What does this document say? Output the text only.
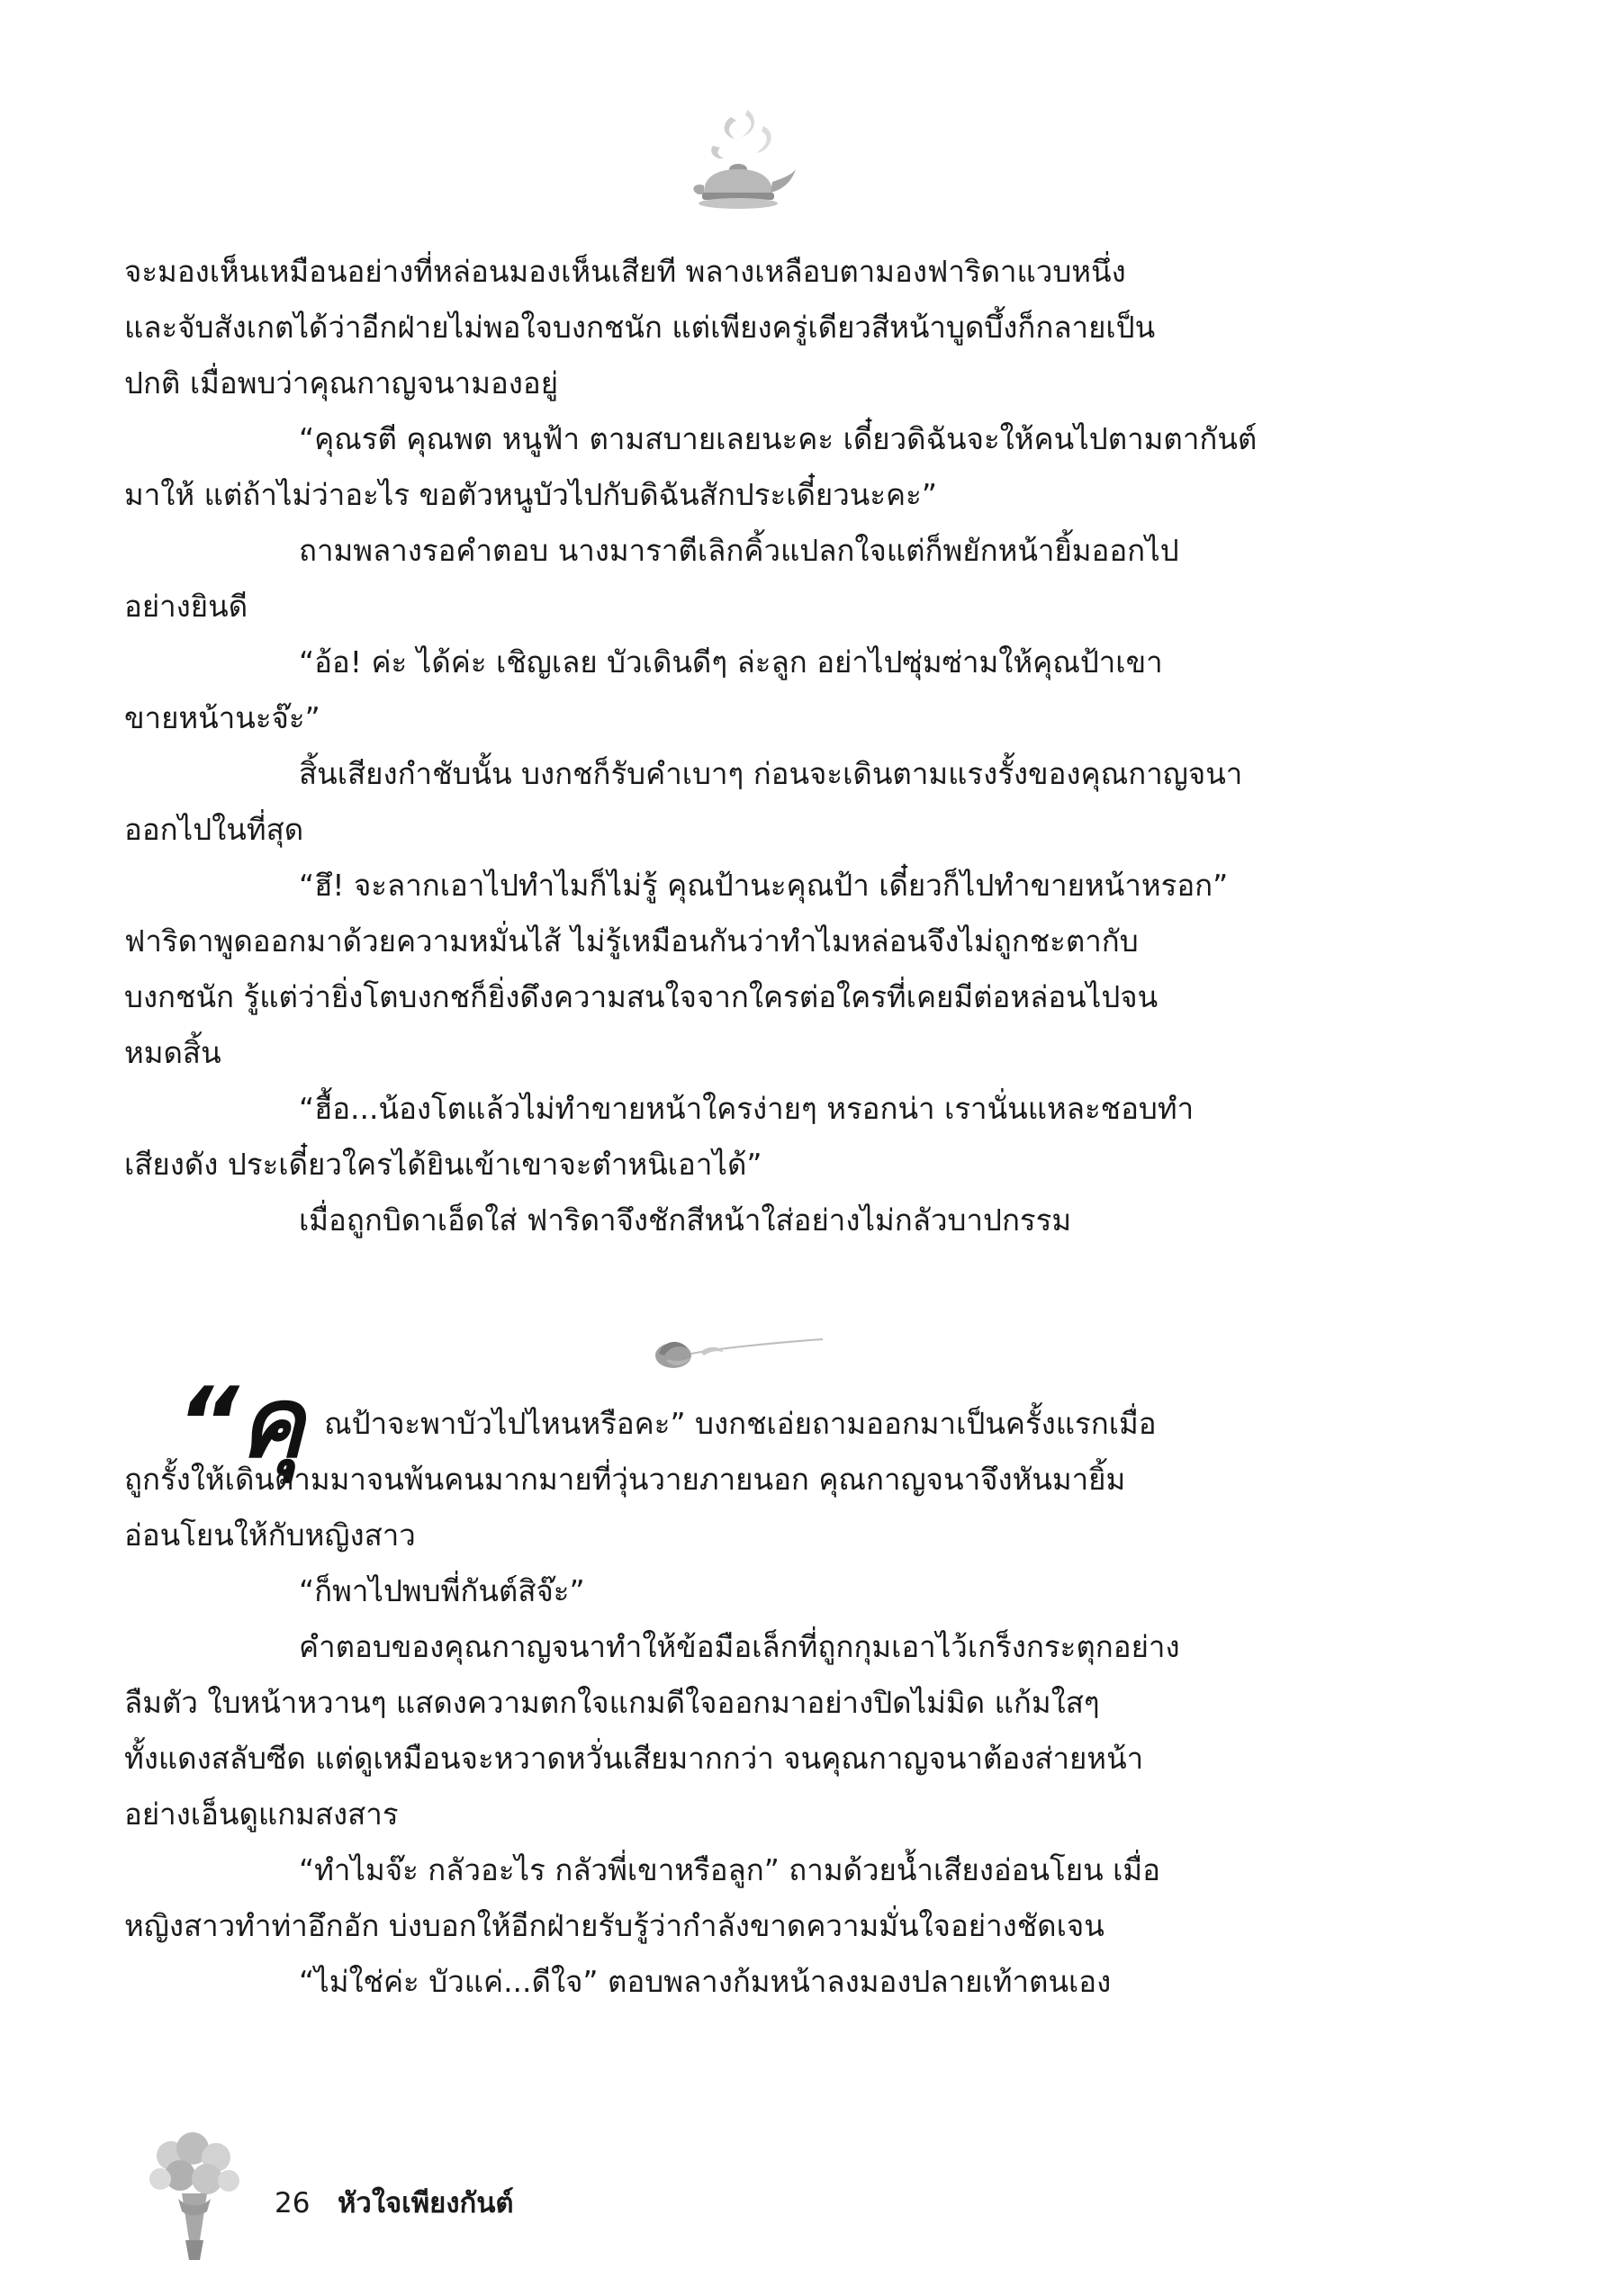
จะมองเห็นเหมือนอย่างที่หล่อนมองเห็นเสียที พลางเหลือบตามองฟาริดาแวบหนึ่ง
และจับสังเกตได้ว่าอีกฝ่ายไม่พอใจบงกชนัก แต่เพียงครู่เดียวสีหน้าบูดบึ้งก็กลายเป็น
ปกติ เมื่อพบว่าคุณกาญจนามองอยู่
“คุณรตี คุณพต หนูฟ้า ตามสบายเลยนะคะ เดี๋ยวดิฉันจะให้คนไปตามตากันต์
มาให้ แต่ถ้าไม่ว่าอะไร ขอตัวหนูบัวไปกับดิฉันสักประเดี๋ยวนะคะ”
ถามพลางรอคำตอบ นางมาราตีเลิกคิ้วแปลกใจแต่ก็พยักหน้ายิ้มออกไป
อย่างยินดี
“อ้อ! ค่ะ ได้ค่ะ เชิญเลย บัวเดินดีๆ ล่ะลูก อย่าไปซุ่มซ่ามให้คุณป้าเขา
ขายหน้านะจ๊ะ”
สิ้นเสียงกำชับนั้น บงกชก็รับคำเบาๆ ก่อนจะเดินตามแรงรั้งของคุณกาญจนา
ออกไปในที่สุด
“ฮึ! จะลากเอาไปทำไมก็ไม่รู้ คุณป้านะคุณป้า เดี๋ยวก็ไปทำขายหน้าหรอก”
ฟาริดาพูดออกมาด้วยความหมั่นไส้ ไม่รู้เหมือนกันว่าทำไมหล่อนจึงไม่ถูกชะตากับ
บงกชนัก รู้แต่ว่ายิ่งโตบงกชก็ยิ่งดึงความสนใจจากใครต่อใครที่เคยมีต่อหล่อนไปจน
หมดสิ้น
“ฮื้อ...น้องโตแล้วไม่ทำขายหน้าใครง่ายๆ หรอกน่า เรานั่นแหละชอบทำ
เสียงดัง ประเดี๋ยวใครได้ยินเข้าเขาจะตำหนิเอาได้”
เมื่อถูกบิดาเอ็ดใส่ ฟาริดาจึงชักสีหน้าใส่อย่างไม่กลัวบาปกรรม
“คุ ณป้าจะพาบัวไปไหนหรือคะ” บงกชเอ่ยถามออกมาเป็นครั้งแรกเมื่อ
ถูกรั้งให้เดินตามมาจนพ้นคนมากมายที่วุ่นวายภายนอก คุณกาญจนาจึงหันมายิ้ม
อ่อนโยนให้กับหญิงสาว
“ก็พาไปพบพี่กันต์สิจ๊ะ”
คำตอบของคุณกาญจนาทำให้ข้อมือเล็กที่ถูกกุมเอาไว้เกร็งกระตุกอย่าง
ลืมตัว ใบหน้าหวานๆ แสดงความตกใจแกมดีใจออกมาอย่างปิดไม่มิด แก้มใสๆ
ทั้งแดงสลับซีด แต่ดูเหมือนจะหวาดหวั่นเสียมากกว่า จนคุณกาญจนาต้องส่ายหน้า
อย่างเอ็นดูแกมสงสาร
“ทำไมจ๊ะ กลัวอะไร กลัวพี่เขาหรือลูก” ถามด้วยน้ำเสียงอ่อนโยน เมื่อ
หญิงสาวทำท่าอึกอัก บ่งบอกให้อีกฝ่ายรับรู้ว่ากำลังขาดความมั่นใจอย่างชัดเจน
“ไม่ใช่ค่ะ บัวแค่...ดีใจ” ตอบพลางก้มหน้าลงมองปลายเท้าตนเอง
26 หัวใจเพียงกันต์
